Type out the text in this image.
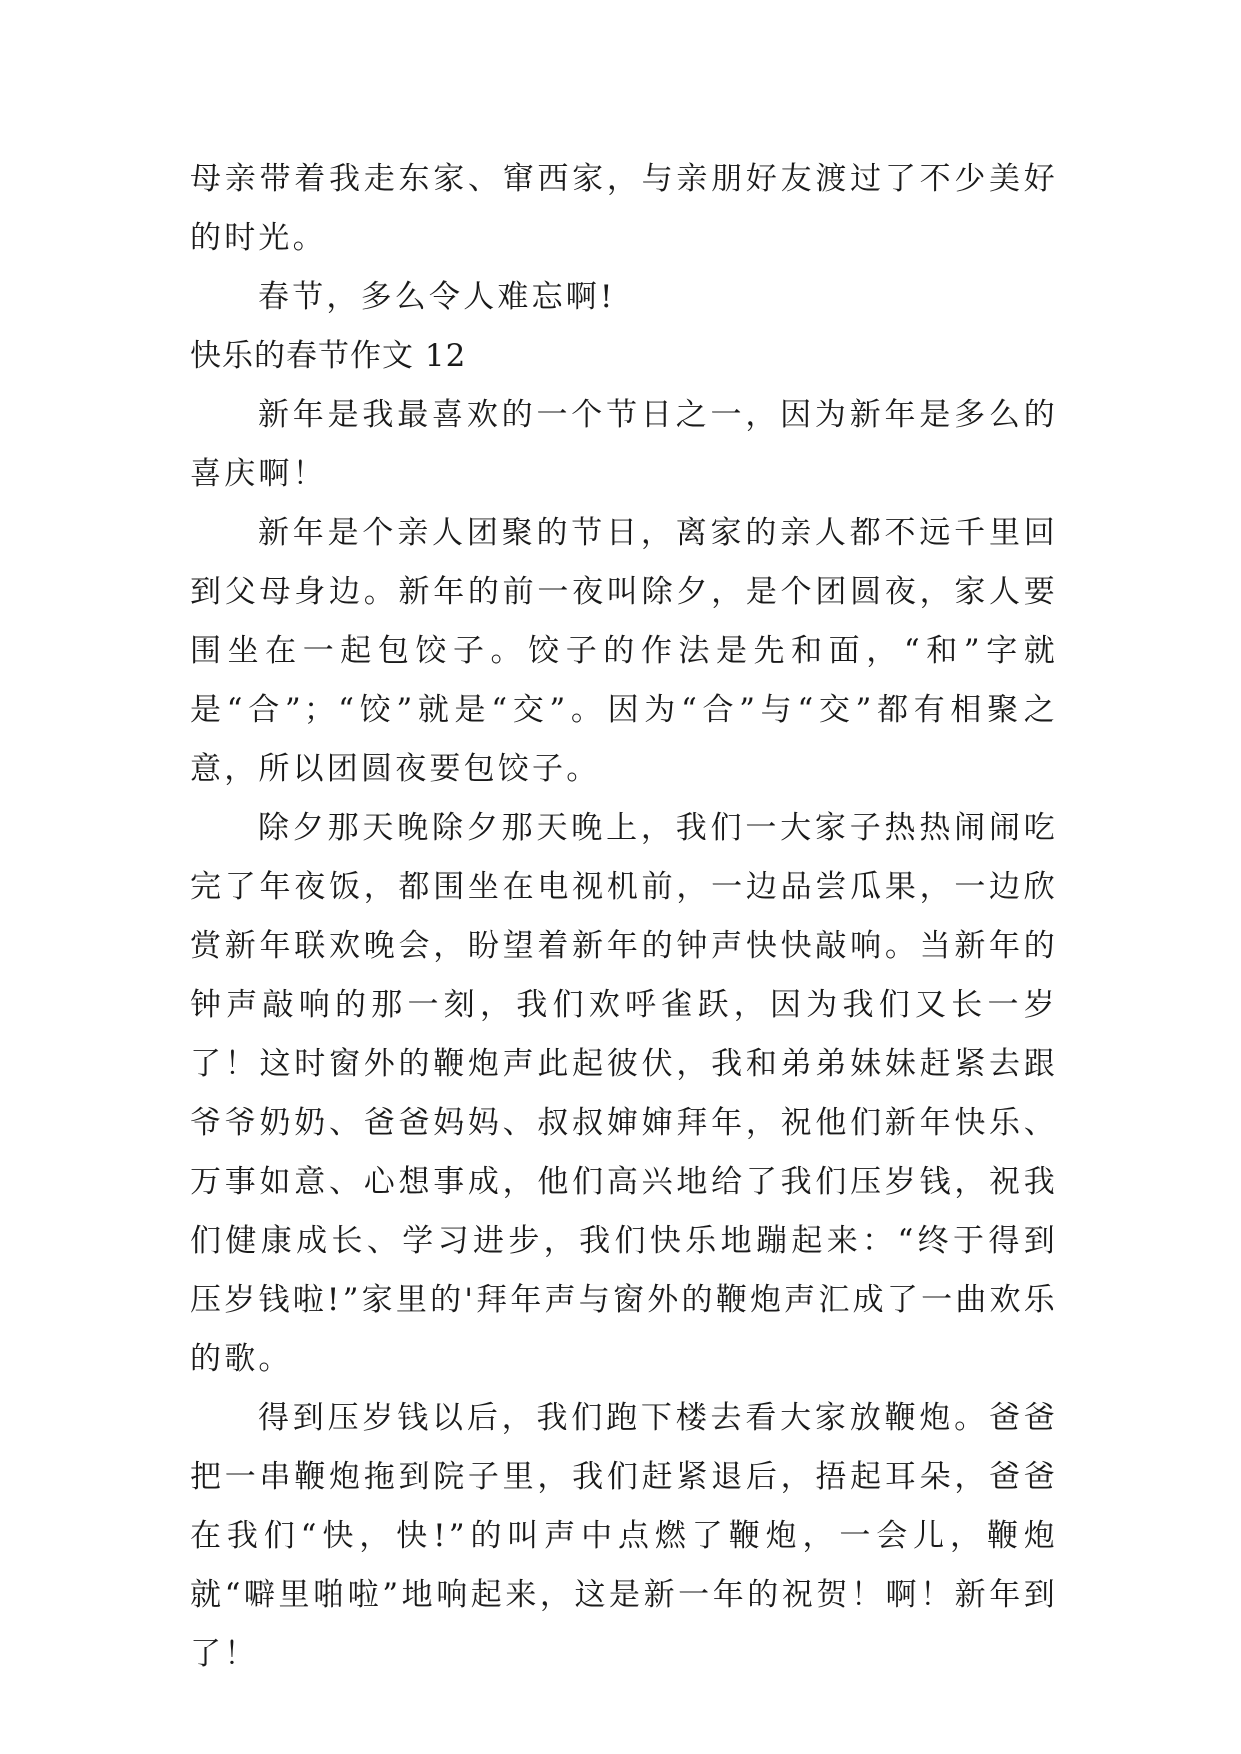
母亲带着我走东家、窜西家，与亲朋好友渡过了不少美好的时光。

春节，多么令人难忘啊!

快乐的春节作文 12

新年是我最喜欢的一个节日之一，因为新年是多么的喜庆啊！

新年是个亲人团聚的节日，离家的亲人都不远千里回到父母身边。新年的前一夜叫除夕，是个团圆夜，家人要围坐在一起包饺子。饺子的作法是先和面，“和”字就是“合”；“饺”就是“交”。因为“合”与“交”都有相聚之意，所以团圆夜要包饺子。

除夕那天晚除夕那天晚上，我们一大家子热热闹闹吃完了年夜饭，都围坐在电视机前，一边品尝瓜果，一边欣赏新年联欢晚会，盼望着新年的钟声快快敲响。当新年的钟声敲响的那一刻，我们欢呼雀跃，因为我们又长一岁了！这时窗外的鞭炮声此起彼伏，我和弟弟妹妹赶紧去跟爷爷奶奶、爸爸妈妈、叔叔婶婶拜年，祝他们新年快乐、万事如意、心想事成，他们高兴地给了我们压岁钱，祝我们健康成长、学习进步，我们快乐地蹦起来：“终于得到压岁钱啦!”家里的'拜年声与窗外的鞭炮声汇成了一曲欢乐的歌。

得到压岁钱以后，我们跑下楼去看大家放鞭炮。爸爸把一串鞭炮拖到院子里，我们赶紧退后，捂起耳朵，爸爸在我们“快，快!”的叫声中点燃了鞭炮，一会儿，鞭炮就“噼里啪啦”地响起来，这是新一年的祝贺！啊！新年到了！
